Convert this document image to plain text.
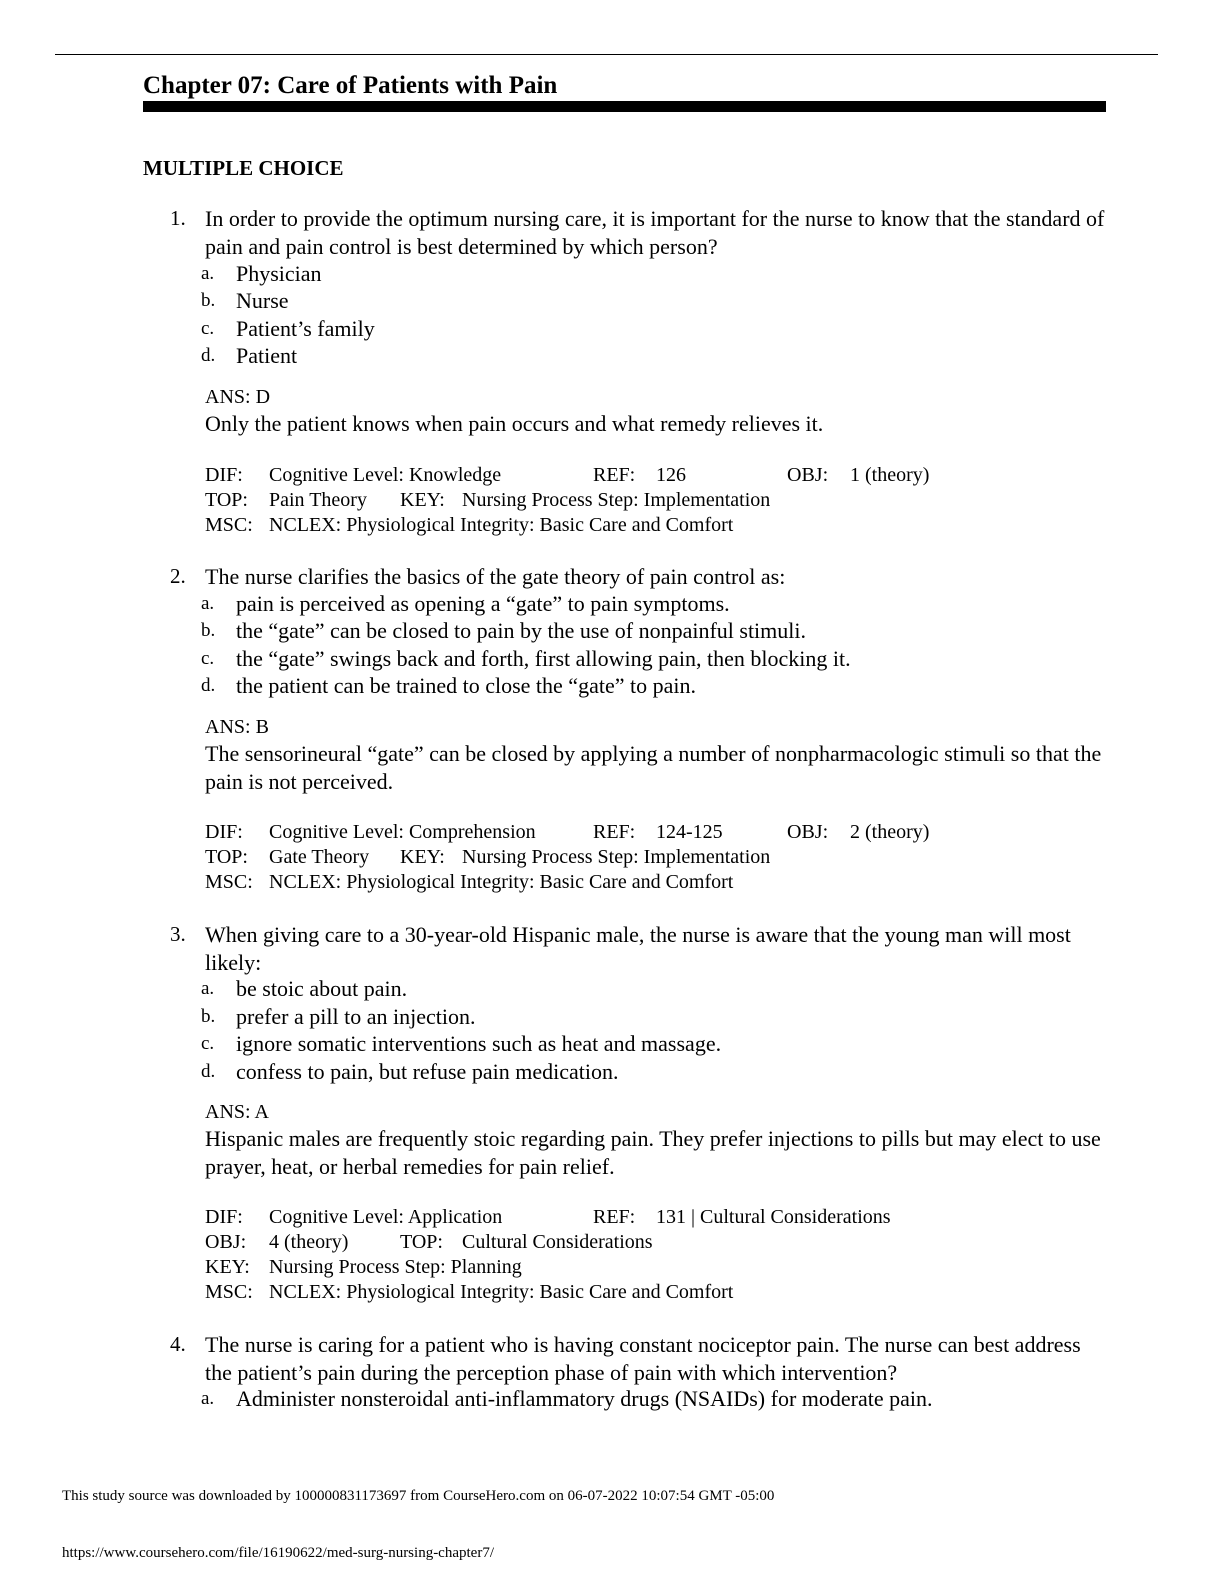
Chapter 07: Care of Patients with Pain
MULTIPLE CHOICE
1. In order to provide the optimum nursing care, it is important for the nurse to know that the standard of pain and pain control is best determined by which person?
a. Physician
b. Nurse
c. Patient’s family
d. Patient
ANS: D
Only the patient knows when pain occurs and what remedy relieves it.
DIF: Cognitive Level: Knowledge	REF: 126	OBJ: 1 (theory)
TOP: Pain Theory KEY: Nursing Process Step: Implementation
MSC: NCLEX: Physiological Integrity: Basic Care and Comfort
2. The nurse clarifies the basics of the gate theory of pain control as:
a. pain is perceived as opening a “gate” to pain symptoms.
b. the “gate” can be closed to pain by the use of nonpainful stimuli.
c. the “gate” swings back and forth, first allowing pain, then blocking it.
d. the patient can be trained to close the “gate” to pain.
ANS: B
The sensorineural “gate” can be closed by applying a number of nonpharmacologic stimuli so that the pain is not perceived.
DIF: Cognitive Level: Comprehension	REF: 124-125	OBJ: 2 (theory)
TOP: Gate Theory KEY: Nursing Process Step: Implementation
MSC: NCLEX: Physiological Integrity: Basic Care and Comfort
3. When giving care to a 30-year-old Hispanic male, the nurse is aware that the young man will most likely:
a. be stoic about pain.
b. prefer a pill to an injection.
c. ignore somatic interventions such as heat and massage.
d. confess to pain, but refuse pain medication.
ANS: A
Hispanic males are frequently stoic regarding pain. They prefer injections to pills but may elect to use prayer, heat, or herbal remedies for pain relief.
DIF: Cognitive Level: Application	REF: 131 | Cultural Considerations
OBJ: 4 (theory)	TOP: Cultural Considerations
KEY: Nursing Process Step: Planning
MSC: NCLEX: Physiological Integrity: Basic Care and Comfort
4. The nurse is caring for a patient who is having constant nociceptor pain. The nurse can best address the patient’s pain during the perception phase of pain with which intervention?
a. Administer nonsteroidal anti-inflammatory drugs (NSAIDs) for moderate pain.
This study source was downloaded by 100000831173697 from CourseHero.com on 06-07-2022 10:07:54 GMT -05:00
https://www.coursehero.com/file/16190622/med-surg-nursing-chapter7/
